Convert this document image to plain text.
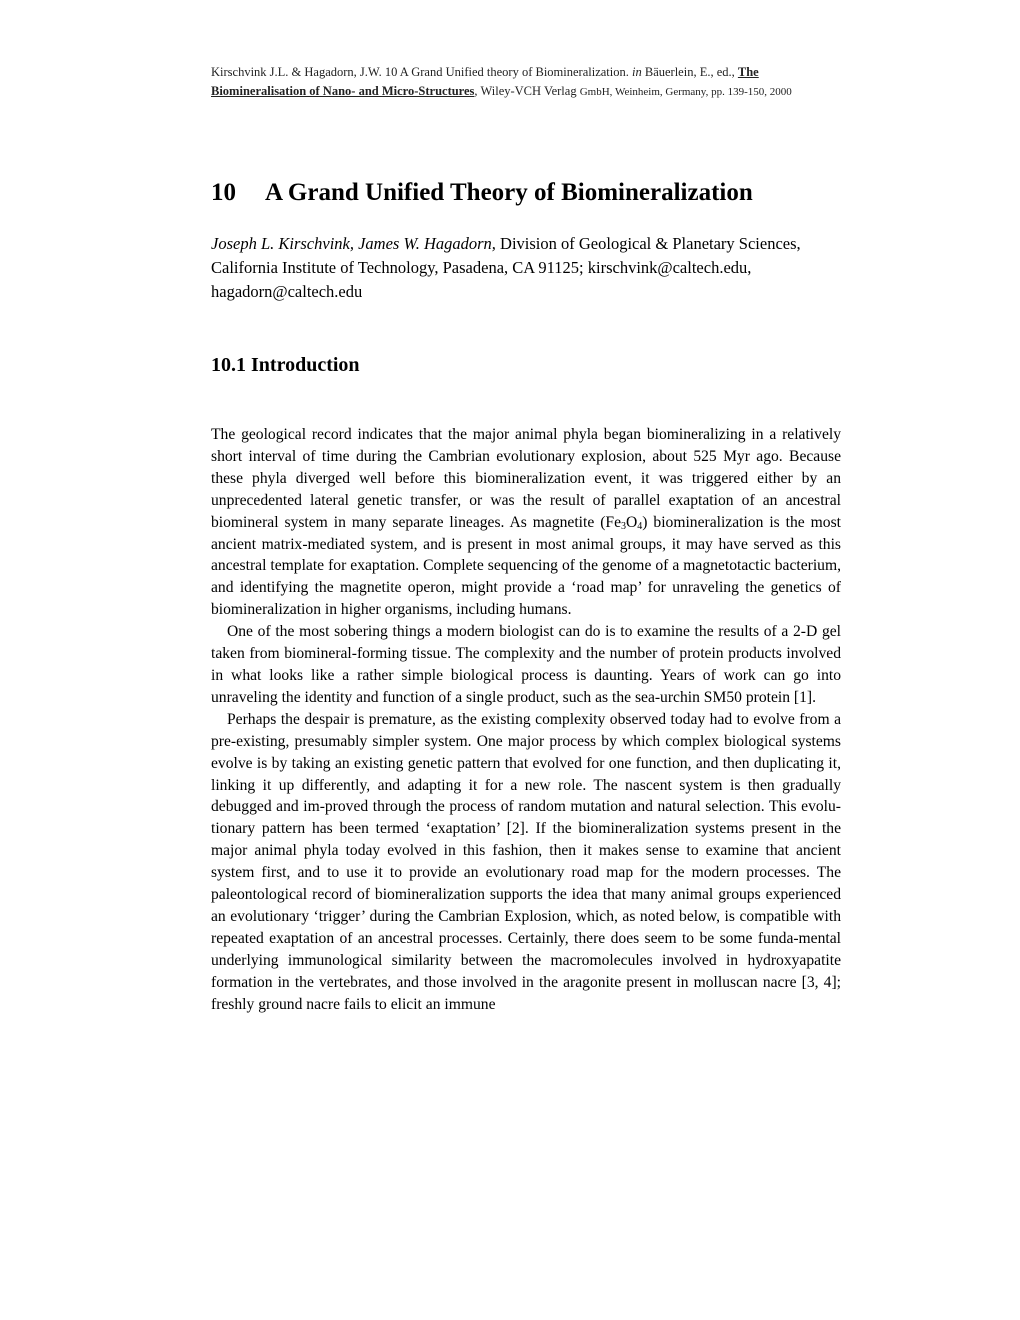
Kirschvink J.L. & Hagadorn, J.W. 10 A Grand Unified theory of Biomineralization. in Bäuerlein, E., ed., The Biomineralisation of Nano- and Micro-Structures, Wiley-VCH Verlag GmbH, Weinheim, Germany, pp. 139-150, 2000
10 A Grand Unified Theory of Biomineralization
Joseph L. Kirschvink, James W. Hagadorn, Division of Geological & Planetary Sciences, California Institute of Technology, Pasadena, CA 91125; kirschvink@caltech.edu, hagadorn@caltech.edu
10.1 Introduction

The geological record indicates that the major animal phyla began biomineralizing in a relatively short interval of time during the Cambrian evolutionary explosion, about 525 Myr ago. Because these phyla diverged well before this biomineralization event, it was triggered either by an unprecedented lateral genetic transfer, or was the result of parallel exaptation of an ancestral biomineral system in many separate lineages. As magnetite $(Fe_3O_4)$ biomineralization is the most ancient matrix-mediated system, and is present in most animal groups, it may have served as this ancestral template for exaptation. Complete sequencing of the genome of a magnetotactic bacterium, and identifying the magnetite operon, might provide a ‘road map’ for unraveling the genetics of biomineralization in higher organisms, including humans.

One of the most sobering things a modern biologist can do is to examine the results of a 2-D gel taken from biomineral-forming tissue. The complexity and the number of protein products involved in what looks like a rather simple biological process is daunting. Years of work can go into unraveling the identity and function of a single product, such as the sea-urchin SM50 protein [1].

Perhaps the despair is premature, as the existing complexity observed today had to evolve from a pre-existing, presumably simpler system. One major process by which complex biological systems evolve is by taking an existing genetic pattern that evolved for one function, and then duplicating it, linking it up differently, and adapting it for a new role. The nascent system is then gradually debugged and im-proved through the process of random mutation and natural selection. This evolu-tionary pattern has been termed ‘exaptation’ [2]. If the biomineralization systems present in the major animal phyla today evolved in this fashion, then it makes sense to examine that ancient system first, and to use it to provide an evolutionary road map for the modern processes. The paleontological record of biomineralization supports the idea that many animal groups experienced an evolutionary ‘trigger’ during the Cambrian Explosion, which, as noted below, is compatible with repeated exaptation of an ancestral processes. Certainly, there does seem to be some funda-mental underlying immunological similarity between the macromolecules involved in hydroxyapatite formation in the vertebrates, and those involved in the aragonite present in molluscan nacre [3, 4]; freshly ground nacre fails to elicit an immune
